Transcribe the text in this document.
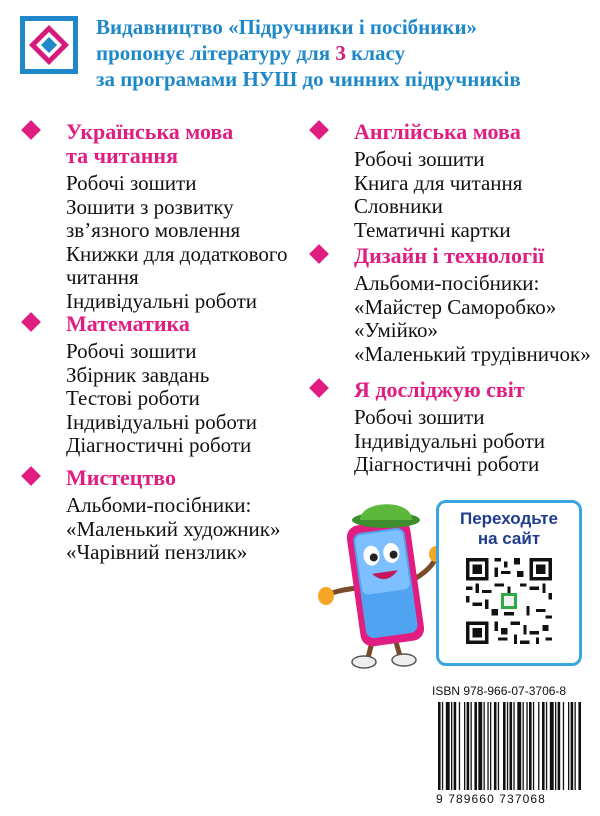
Видавництво «Підручники і посібники»
пропонує літературу для 3 класу
за програмами НУШ до чинних підручників
Українська мова
та читання
Робочі зошити
Зошити з розвитку
зв’язного мовлення
Книжки для додаткового
читання
Індивідуальні роботи
Математика
Робочі зошити
Збірник завдань
Тестові роботи
Індивідуальні роботи
Діагностичні роботи
Мистецтво
Альбоми-посібники:
«Маленький художник»
«Чарівний пензлик»
Англійська мова
Робочі зошити
Книга для читання
Словники
Тематичні картки
Дизайн і технології
Альбоми-посібники:
«Майстер Саморобко»
«Умійко»
«Маленький трудівничок»
Я досліджую світ
Робочі зошити
Індивідуальні роботи
Діагностичні роботи
Переходьте на сайт
ISBN 978-966-07-3706-8
9 789660 737068
